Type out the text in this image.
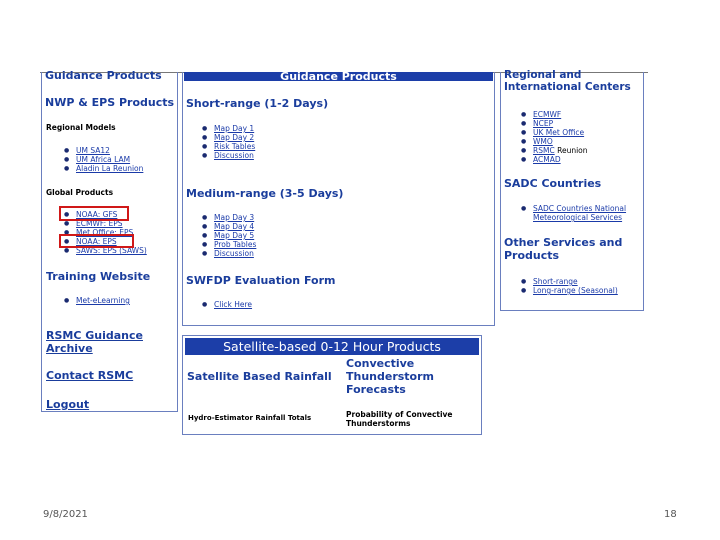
Guidance Products
NWP & EPS Products
Regional Models
● UM SA12
● UM Africa LAM
● Aladin La Reunion
Global Products
● NOAA: GFS
● ECMWF: EPS
● Met Office: EPS
● NOAA: EPS
● SAWS: EPS (SAWS)
Training Website
● Met-eLearning
RSMC Guidance Archive
Contact RSMC
Logout
Guidance Products
Short-range (1-2 Days)
● Map Day 1
● Map Day 2
● Risk Tables
● Discussion
Medium-range (3-5 Days)
● Map Day 3
● Map Day 4
● Map Day 5
● Prob Tables
● Discussion
SWFDP Evaluation Form
● Click Here
Regional and International Centers
● ECMWF
● NCEP
● UK Met Office
● WMO
● RSMC Reunion
● ACMAD
SADC Countries
● SADC Countries National Meteorological Services
Other Services and Products
● Short-range
● Long-range (Seasonal)
Satellite-based 0-12 Hour Products
Satellite Based Rainfall
Convective Thunderstorm Forecasts
Hydro-Estimator Rainfall Totals	Probability of Convective Thunderstorms
9/8/2021	18
